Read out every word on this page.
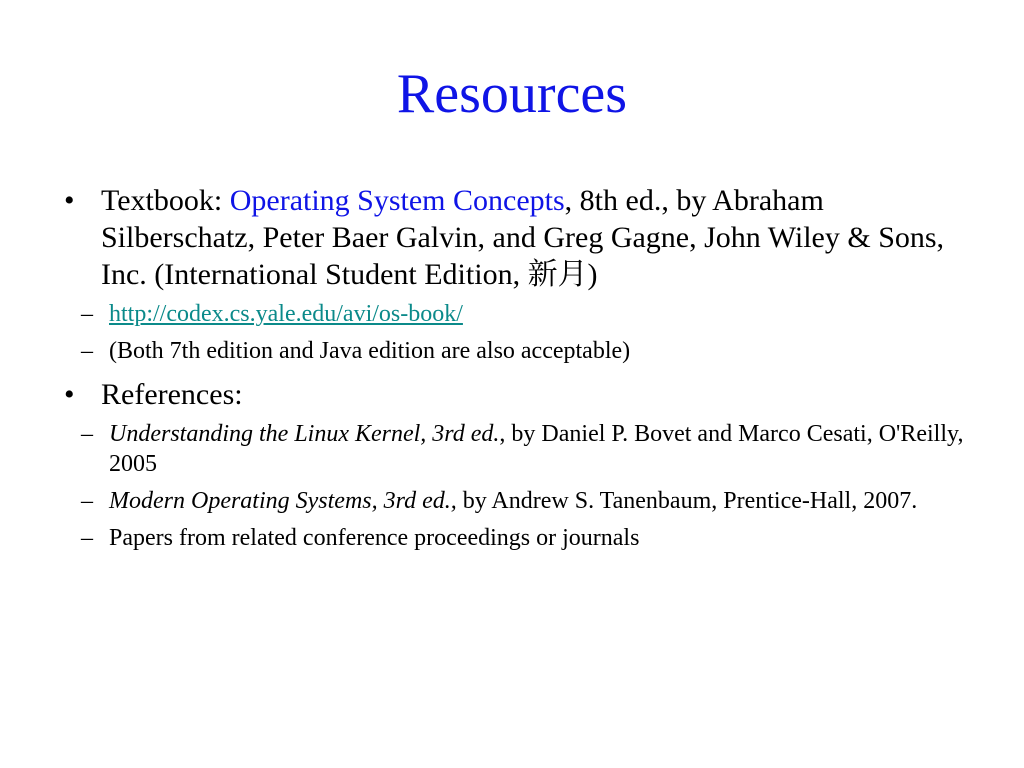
Resources
• Textbook: Operating System Concepts, 8th ed., by Abraham Silberschatz, Peter Baer Galvin, and Greg Gagne, John Wiley & Sons, Inc. (International Student Edition, 新月)
– http://codex.cs.yale.edu/avi/os-book/
– (Both 7th edition and Java edition are also acceptable)
• References:
– Understanding the Linux Kernel, 3rd ed., by Daniel P. Bovet and Marco Cesati, O'Reilly, 2005
– Modern Operating Systems, 3rd ed., by Andrew S. Tanenbaum, Prentice-Hall, 2007.
– Papers from related conference proceedings or journals
